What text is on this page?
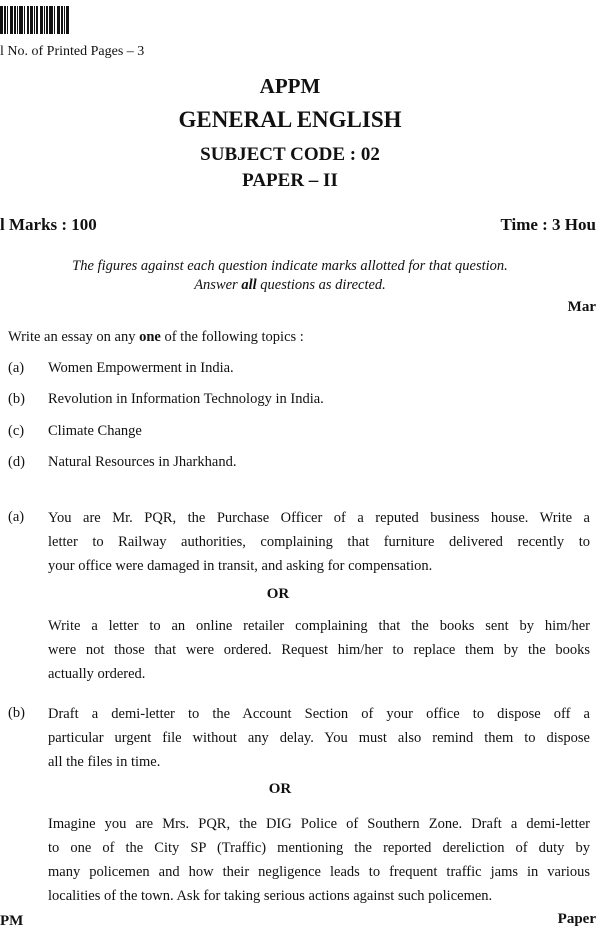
l No. of Printed Pages – 3
APPM
GENERAL ENGLISH
SUBJECT CODE : 02
PAPER – II
l Marks : 100	Time : 3 Hou
The figures against each question indicate marks allotted for that question.
Answer all questions as directed.
Mar
Write an essay on any one of the following topics :
(a) Women Empowerment in India.
(b) Revolution in Information Technology in India.
(c) Climate Change
(d) Natural Resources in Jharkhand.
(a) You are Mr. PQR, the Purchase Officer of a reputed business house. Write a
letter to Railway authorities, complaining that furniture delivered recently to
your office were damaged in transit, and asking for compensation.
OR
Write a letter to an online retailer complaining that the books sent by him/her
were not those that were ordered. Request him/her to replace them by the books
actually ordered.
(b) Draft a demi-letter to the Account Section of your office to dispose off a
particular urgent file without any delay. You must also remind them to dispose
all the files in time.
OR
Imagine you are Mrs. PQR, the DIG Police of Southern Zone. Draft a demi-letter
to one of the City SP (Traffic) mentioning the reported dereliction of duty by
many policemen and how their negligence leads to frequent traffic jams in various
localities of the town. Ask for taking serious actions against such policemen.
PM	Paper
